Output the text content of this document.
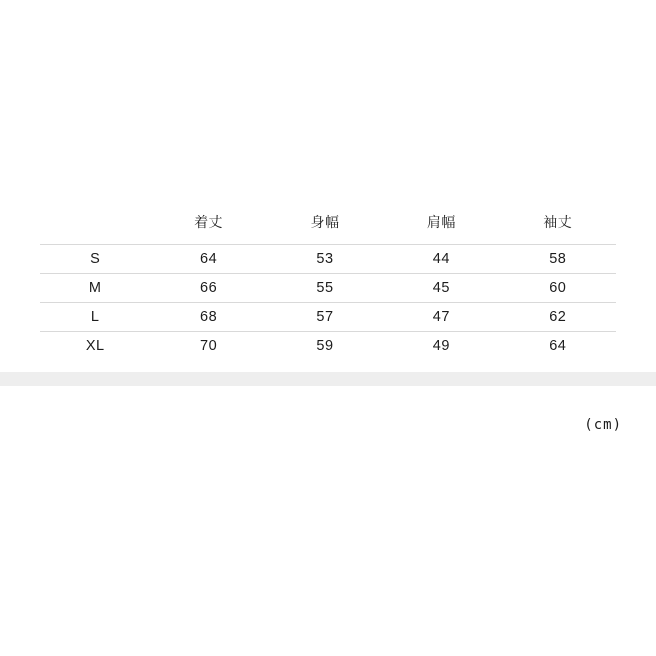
	着丈	身幅	肩幅	袖丈
S	64	53	44	58
M	66	55	45	60
L	68	57	47	62
XL	70	59	49	64
(cm)
